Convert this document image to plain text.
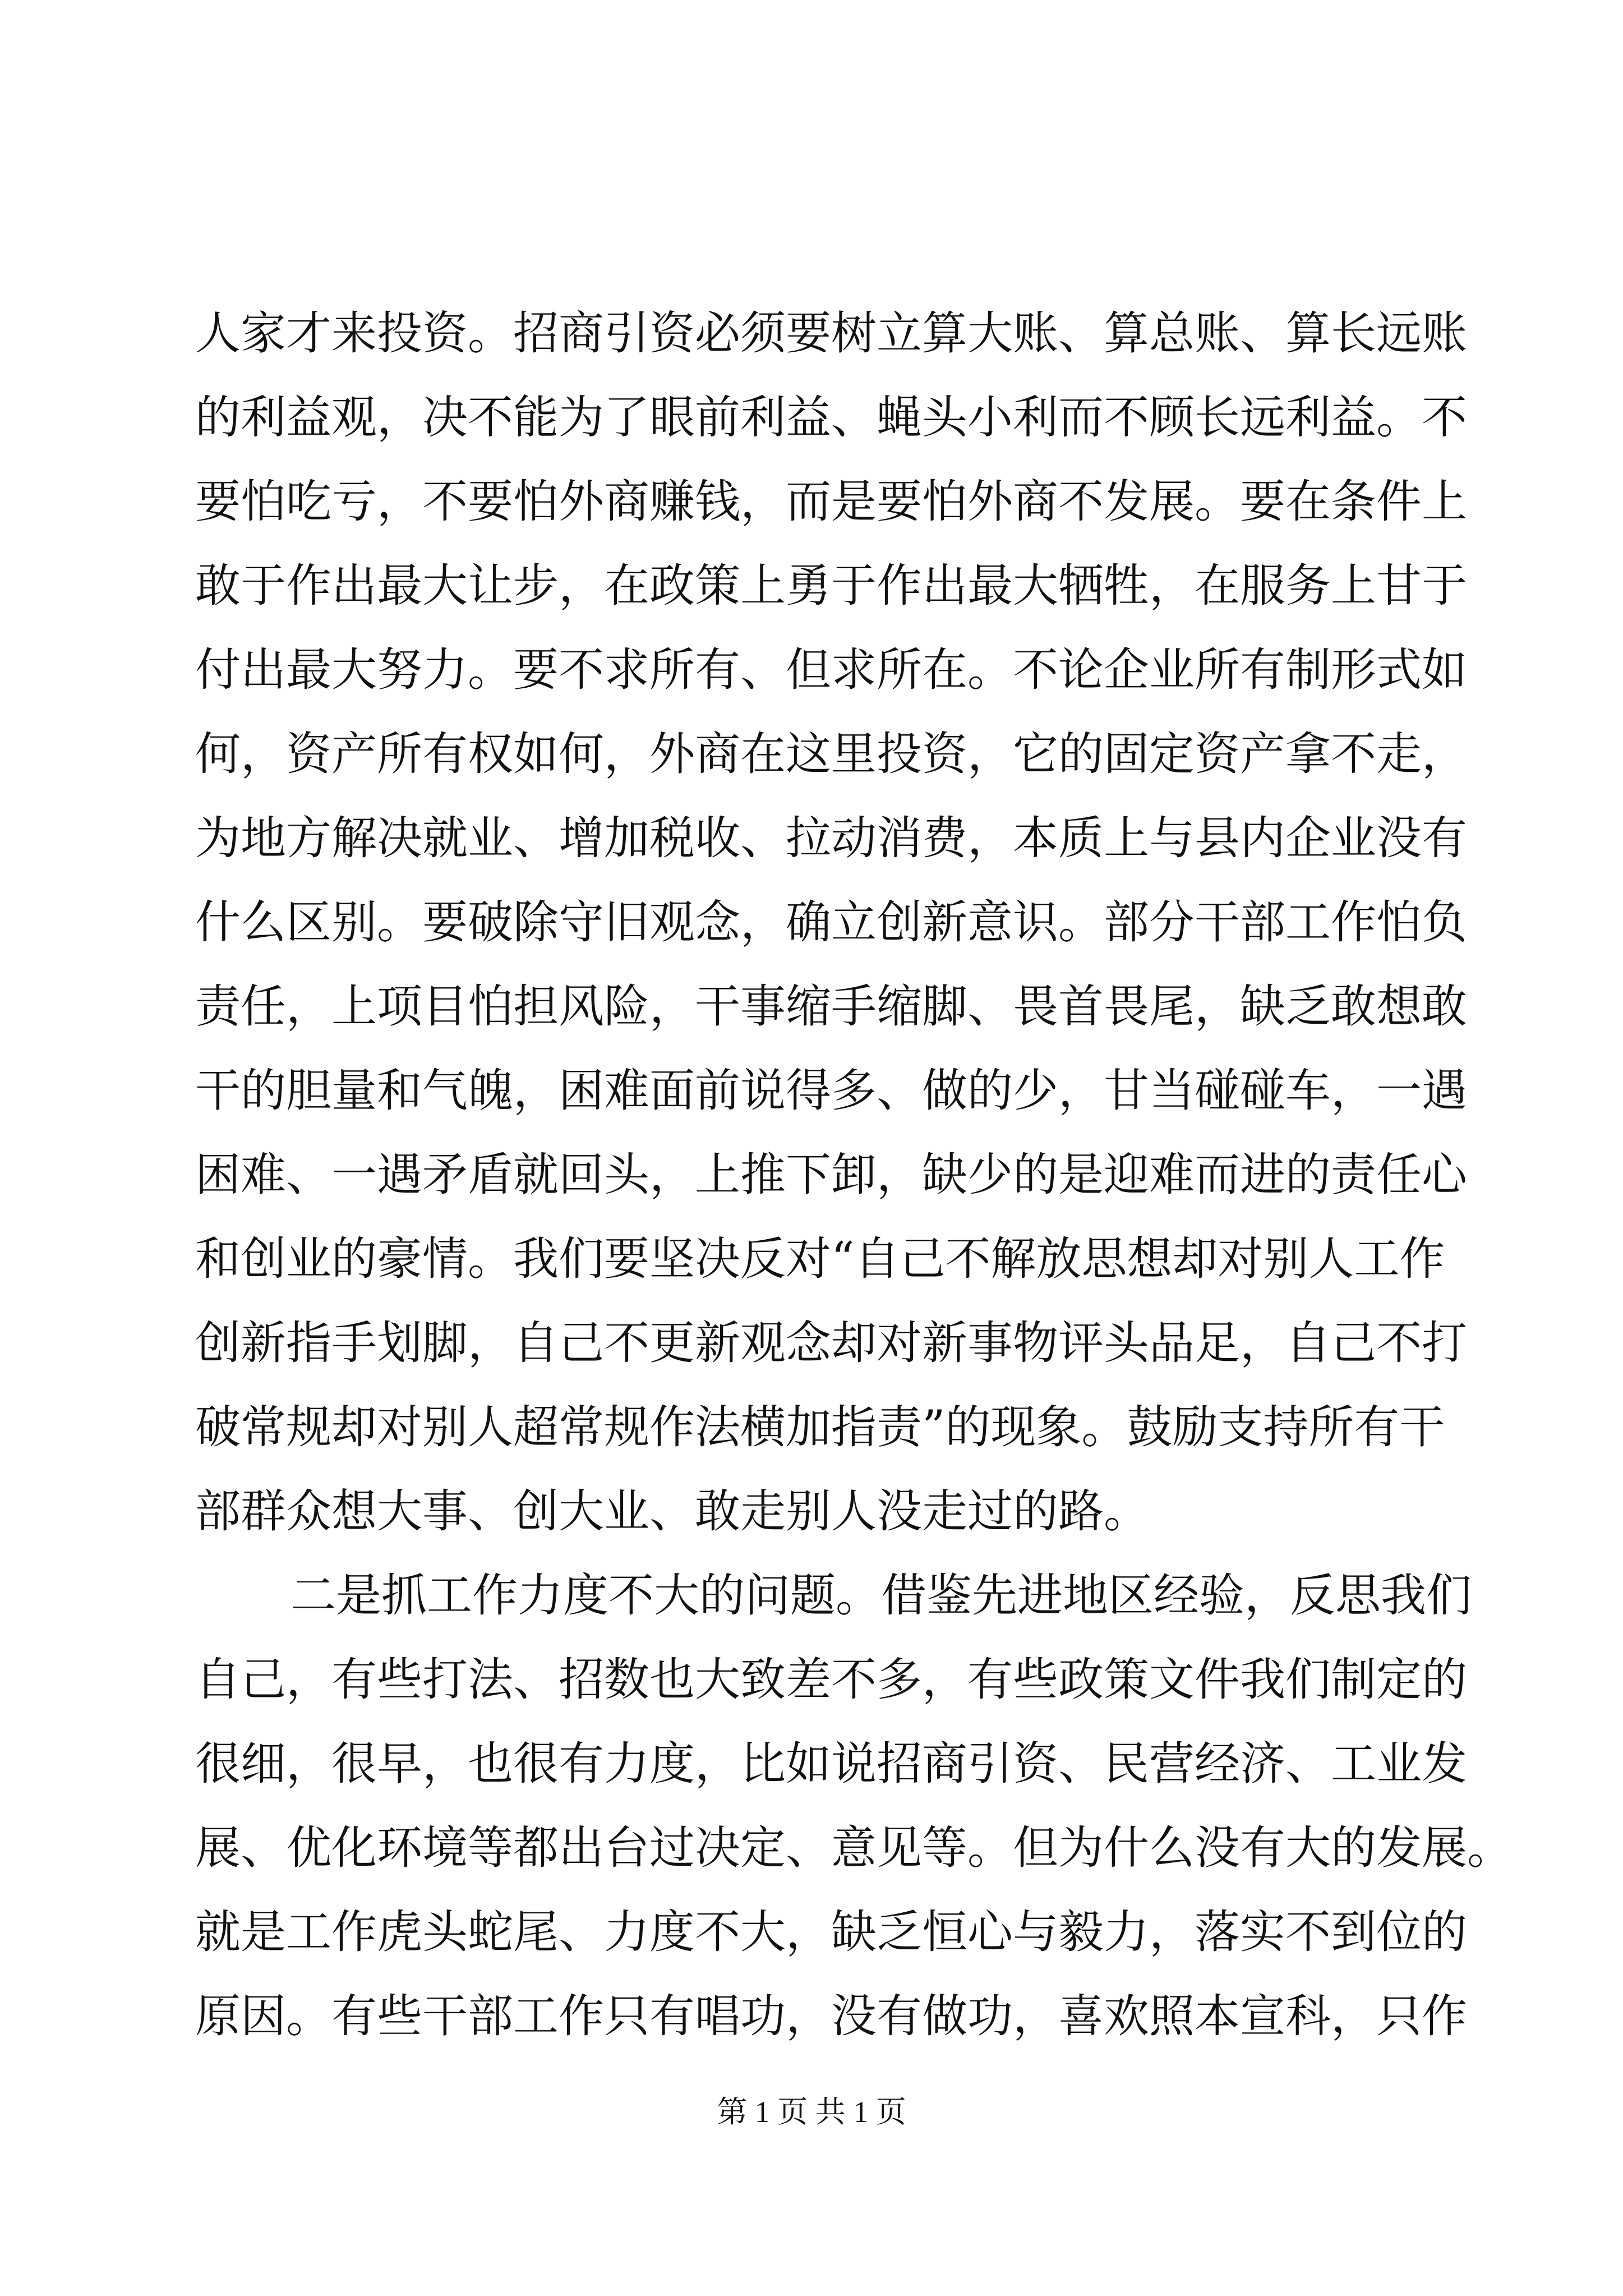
人家才来投资。招商引资必须要树立算大账、算总账、算长远账
的利益观，决不能为了眼前利益、蝇头小利而不顾长远利益。不
要怕吃亏，不要怕外商赚钱，而是要怕外商不发展。要在条件上
敢于作出最大让步，在政策上勇于作出最大牺牲，在服务上甘于
付出最大努力。要不求所有、但求所在。不论企业所有制形式如
何，资产所有权如何，外商在这里投资，它的固定资产拿不走，
为地方解决就业、增加税收、拉动消费，本质上与县内企业没有
什么区别。要破除守旧观念，确立创新意识。部分干部工作怕负
责任，上项目怕担风险，干事缩手缩脚、畏首畏尾，缺乏敢想敢
干的胆量和气魄，困难面前说得多、做的少，甘当碰碰车，一遇
困难、一遇矛盾就回头，上推下卸，缺少的是迎难而进的责任心
和创业的豪情。我们要坚决反对“自己不解放思想却对别人工作
创新指手划脚，自己不更新观念却对新事物评头品足，自己不打
破常规却对别人超常规作法横加指责”的现象。鼓励支持所有干
部群众想大事、创大业、敢走别人没走过的路。
二是抓工作力度不大的问题。借鉴先进地区经验，反思我们
自己，有些打法、招数也大致差不多，有些政策文件我们制定的
很细，很早，也很有力度，比如说招商引资、民营经济、工业发
展、优化环境等都出台过决定、意见等。但为什么没有大的发展。
就是工作虎头蛇尾、力度不大，缺乏恒心与毅力，落实不到位的
原因。有些干部工作只有唱功，没有做功，喜欢照本宣科，只作
第 1 页 共 1 页
